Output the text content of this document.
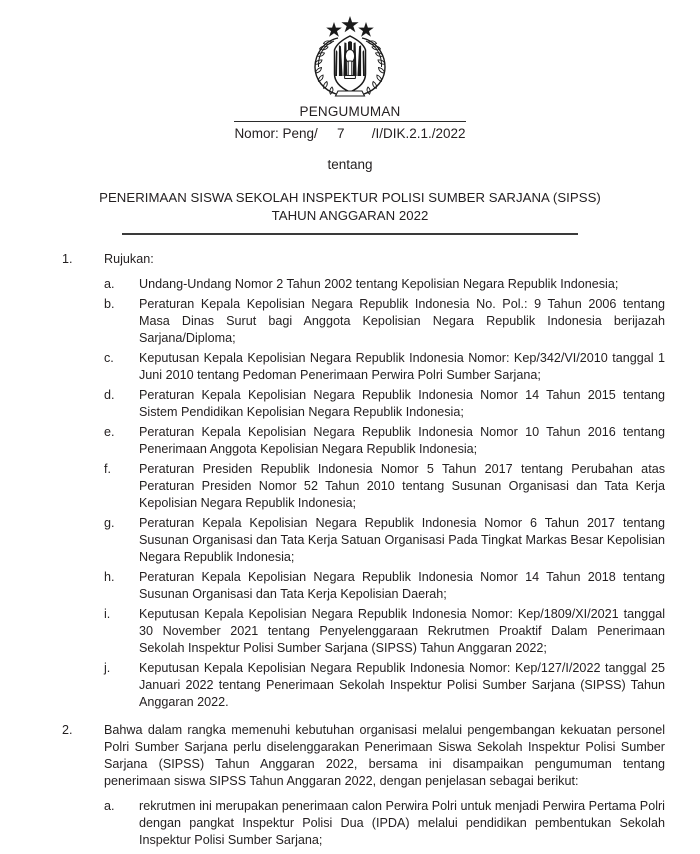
PENGUMUMAN
Nomor: Peng/ 7 /I/DIK.2.1./2022
tentang
PENERIMAAN SISWA SEKOLAH INSPEKTUR POLISI SUMBER SARJANA (SIPSS)
TAHUN ANGGARAN 2022
1.	Rujukan:
a.	Undang-Undang Nomor 2 Tahun 2002 tentang Kepolisian Negara Republik Indonesia;
b.	Peraturan Kepala Kepolisian Negara Republik Indonesia No. Pol.: 9 Tahun 2006 tentang Masa Dinas Surut bagi Anggota Kepolisian Negara Republik Indonesia berijazah Sarjana/Diploma;
c.	Keputusan Kepala Kepolisian Negara Republik Indonesia Nomor: Kep/342/VI/2010 tanggal 1 Juni 2010 tentang Pedoman Penerimaan Perwira Polri Sumber Sarjana;
d.	Peraturan Kepala Kepolisian Negara Republik Indonesia Nomor 14 Tahun 2015 tentang Sistem Pendidikan Kepolisian Negara Republik Indonesia;
e.	Peraturan Kepala Kepolisian Negara Republik Indonesia Nomor 10 Tahun 2016 tentang Penerimaan Anggota Kepolisian Negara Republik Indonesia;
f.	Peraturan Presiden Republik Indonesia Nomor 5 Tahun 2017 tentang Perubahan atas Peraturan Presiden Nomor 52 Tahun 2010 tentang Susunan Organisasi dan Tata Kerja Kepolisian Negara Republik Indonesia;
g.	Peraturan Kepala Kepolisian Negara Republik Indonesia Nomor 6 Tahun 2017 tentang Susunan Organisasi dan Tata Kerja Satuan Organisasi Pada Tingkat Markas Besar Kepolisian Negara Republik Indonesia;
h.	Peraturan Kepala Kepolisian Negara Republik Indonesia Nomor 14 Tahun 2018 tentang Susunan Organisasi dan Tata Kerja Kepolisian Daerah;
i.	Keputusan Kepala Kepolisian Negara Republik Indonesia Nomor: Kep/1809/XI/2021 tanggal 30 November 2021 tentang Penyelenggaraan Rekrutmen Proaktif Dalam Penerimaan Sekolah Inspektur Polisi Sumber Sarjana (SIPSS) Tahun Anggaran 2022;
j.	Keputusan Kepala Kepolisian Negara Republik Indonesia Nomor: Kep/127/I/2022 tanggal 25 Januari 2022 tentang Penerimaan Sekolah Inspektur Polisi Sumber Sarjana (SIPSS) Tahun Anggaran 2022.
2.	Bahwa dalam rangka memenuhi kebutuhan organisasi melalui pengembangan kekuatan personel Polri Sumber Sarjana perlu diselenggarakan Penerimaan Siswa Sekolah Inspektur Polisi Sumber Sarjana (SIPSS) Tahun Anggaran 2022, bersama ini disampaikan pengumuman tentang penerimaan siswa SIPSS Tahun Anggaran 2022, dengan penjelasan sebagai berikut:
a.	rekrutmen ini merupakan penerimaan calon Perwira Polri untuk menjadi Perwira Pertama Polri dengan pangkat Inspektur Polisi Dua (IPDA) melalui pendidikan pembentukan Sekolah Inspektur Polisi Sumber Sarjana;
